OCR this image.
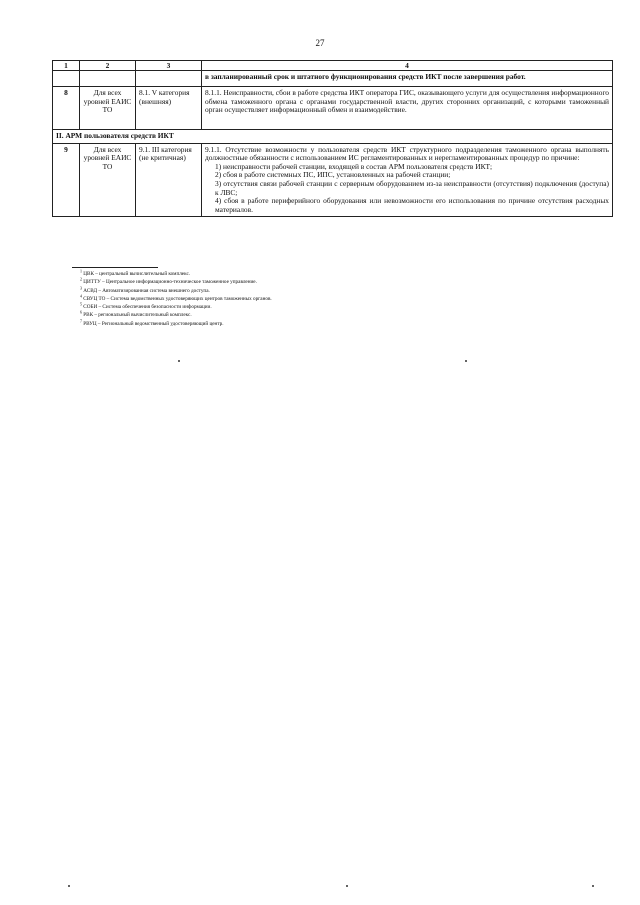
27
1	2	3	4
			в запланированный срок и штатного функционирования средств ИКТ после завершения работ.
8	Для всех уровней ЕАИС ТО	8.1. V категория (внешняя)	8.1.1. Неисправности, сбои в работе средства ИКТ оператора ГИС, оказывающего услуги для осуществления информационного обмена таможенного органа с органами государственной власти, других сторонних организаций, с которыми таможенный орган осуществляет информационный обмен и взаимодействие.
II. АРМ пользователя средств ИКТ			
9	Для всех уровней ЕАИС ТО	9.1. III категория (не критичная)	9.1.1. Отсутствие возможности у пользователя средств ИКТ структурного подразделения таможенного органа выполнять должностные обязанности с использованием ИС регламентированных и нерегламентированных процедур по причине:
1) неисправности рабочей станции, входящей в состав АРМ пользователя средств ИКТ;
2) сбоя в работе системных ПС, ИПС, установленных на рабочей станции;
3) отсутствия связи рабочей станции с серверным оборудованием из-за неисправности (отсутствия) подключения (доступа) к ЛВС;
4) сбоя в работе периферийного оборудования или невозможности его использования по причине отсутствия расходных материалов.
$^1$ ЦВК – центральный вычислительный комплекс.
$^2$ ЦИТТУ – Центральное информационно-техническое таможенное управление.
$^3$ АСВД – Автоматизированная система внешнего доступа.
$^4$ СВУЦ ТО – Система ведомственных удостоверяющих центров таможенных органов.
$^5$ СОБИ – Система обеспечения безопасности информации.
$^6$ РВК – региональный вычислительный комплекс.
$^7$ РВУЦ – Региональный ведомственный удостоверяющий центр.
